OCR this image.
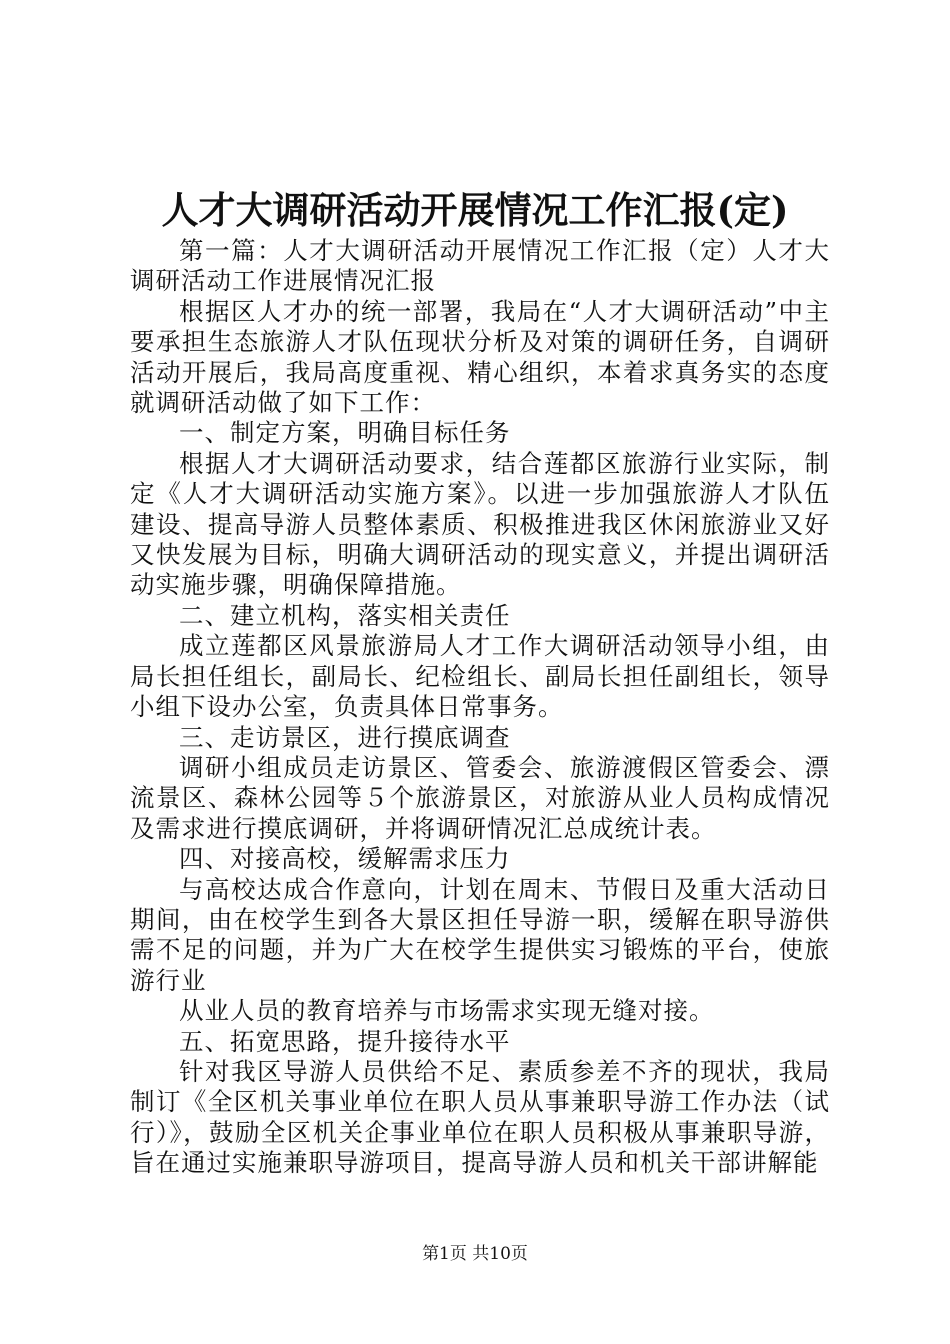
人才大调研活动开展情况工作汇报(定)

第一篇：人才大调研活动开展情况工作汇报（定）人才大调研活动工作进展情况汇报

根据区人才办的统一部署，我局在“人才大调研活动”中主要承担生态旅游人才队伍现状分析及对策的调研任务，自调研活动开展后，我局高度重视、精心组织，本着求真务实的态度就调研活动做了如下工作：

一、制定方案，明确目标任务

根据人才大调研活动要求，结合莲都区旅游行业实际，制定《人才大调研活动实施方案》。以进一步加强旅游人才队伍建设、提高导游人员整体素质、积极推进我区休闲旅游业又好又快发展为目标，明确大调研活动的现实意义，并提出调研活动实施步骤，明确保障措施。

二、建立机构，落实相关责任

成立莲都区风景旅游局人才工作大调研活动领导小组，由局长担任组长，副局长、纪检组长、副局长担任副组长，领导小组下设办公室，负责具体日常事务。

三、走访景区，进行摸底调查

调研小组成员走访景区、管委会、旅游渡假区管委会、漂流景区、森林公园等５个旅游景区，对旅游从业人员构成情况及需求进行摸底调研，并将调研情况汇总成统计表。

四、对接高校，缓解需求压力

与高校达成合作意向，计划在周末、节假日及重大活动日期间，由在校学生到各大景区担任导游一职，缓解在职导游供需不足的问题，并为广大在校学生提供实习锻炼的平台，使旅游行业

从业人员的教育培养与市场需求实现无缝对接。

五、拓宽思路，提升接待水平

针对我区导游人员供给不足、素质参差不齐的现状，我局制订《全区机关事业单位在职人员从事兼职导游工作办法（试行）》，鼓励全区机关企事业单位在职人员积极从事兼职导游，旨在通过实施兼职导游项目，提高导游人员和机关干部讲解能

第1页 共10页
